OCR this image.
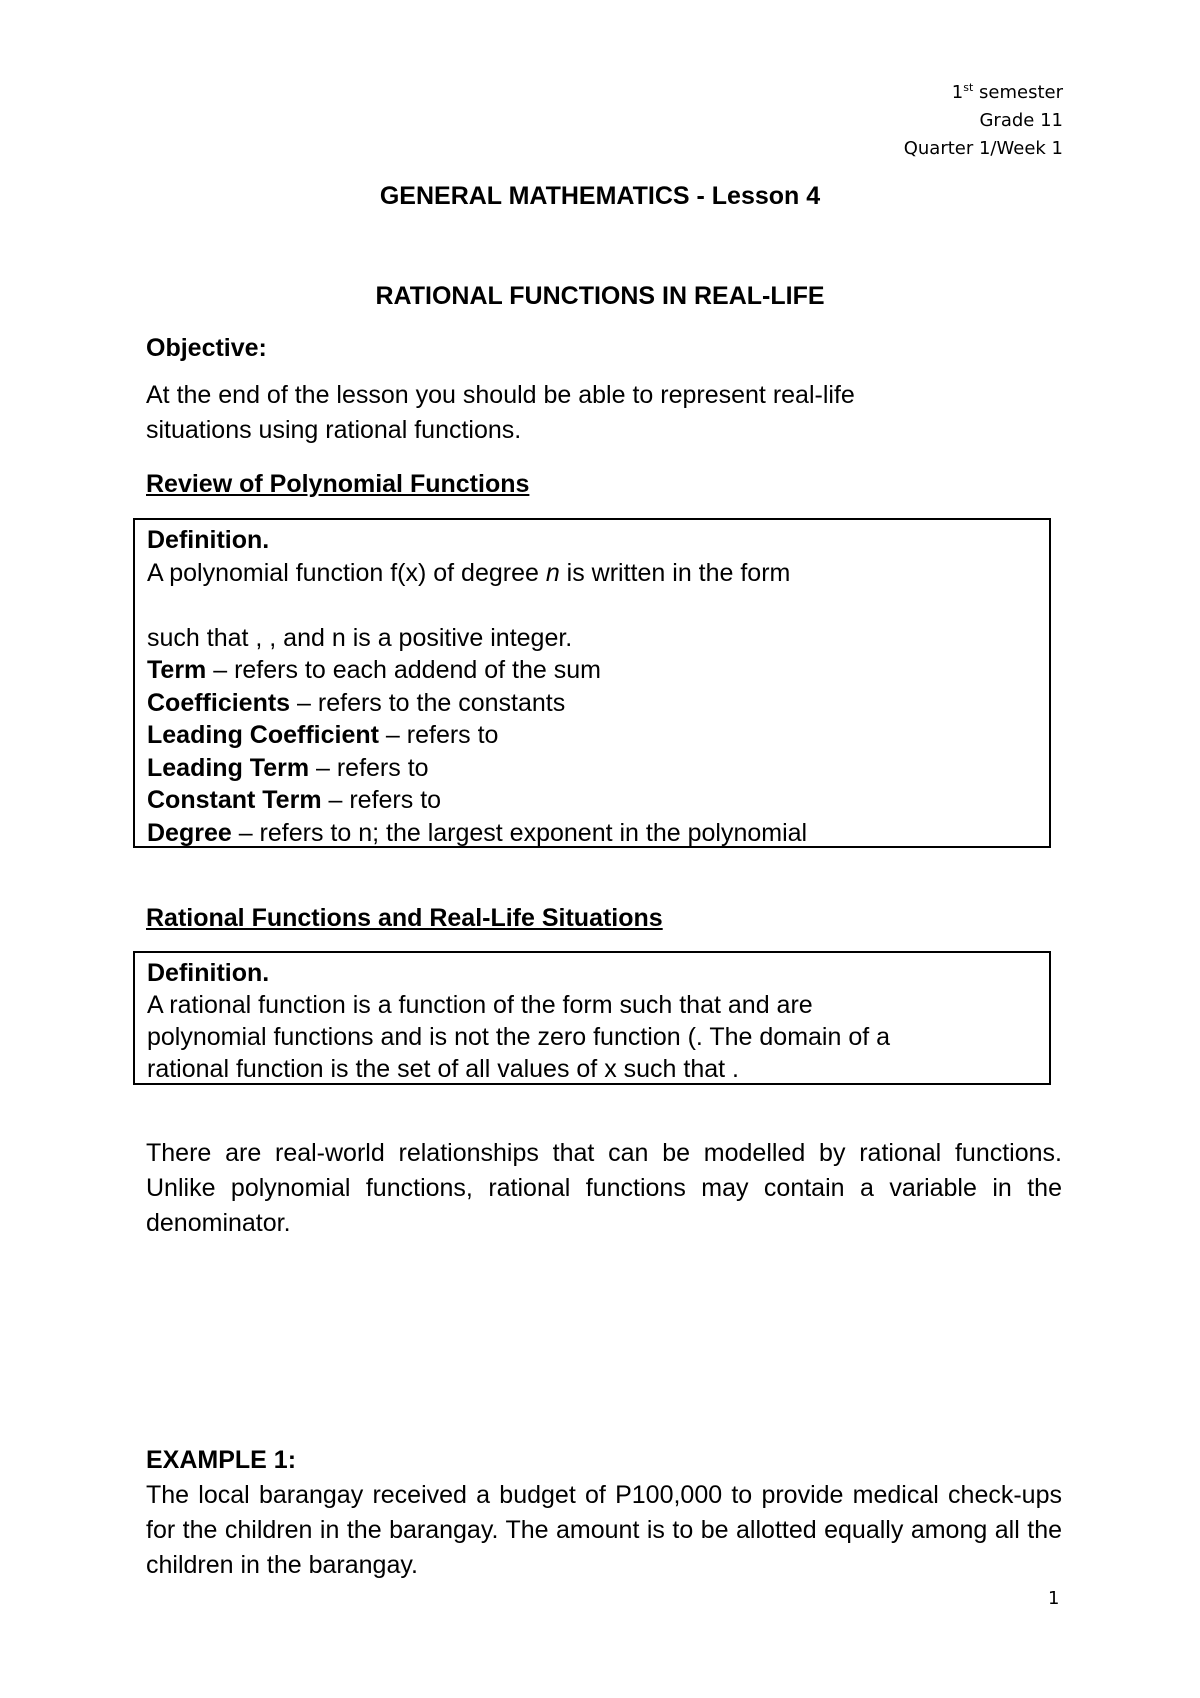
1st semester
Grade 11
Quarter 1/Week 1
GENERAL MATHEMATICS - Lesson 4
RATIONAL FUNCTIONS IN REAL-LIFE
Objective:
At the end of the lesson you should be able to represent real-life situations using rational functions.
Review of Polynomial Functions
Definition.
A polynomial function f(x) of degree n is written in the form
such that , , and n is a positive integer.
Term – refers to each addend of the sum
Coefficients – refers to the constants
Leading Coefficient – refers to
Leading Term – refers to
Constant Term – refers to
Degree – refers to n; the largest exponent in the polynomial
Rational Functions and Real-Life Situations
Definition.
A rational function is a function of the form such that and are
polynomial functions and is not the zero function (. The domain of a
rational function is the set of all values of x such that .
There are real-world relationships that can be modelled by rational functions. Unlike polynomial functions, rational functions may contain a variable in the denominator.
EXAMPLE 1:
The local barangay received a budget of P100,000 to provide medical check-ups for the children in the barangay. The amount is to be allotted equally among all the children in the barangay.
1
